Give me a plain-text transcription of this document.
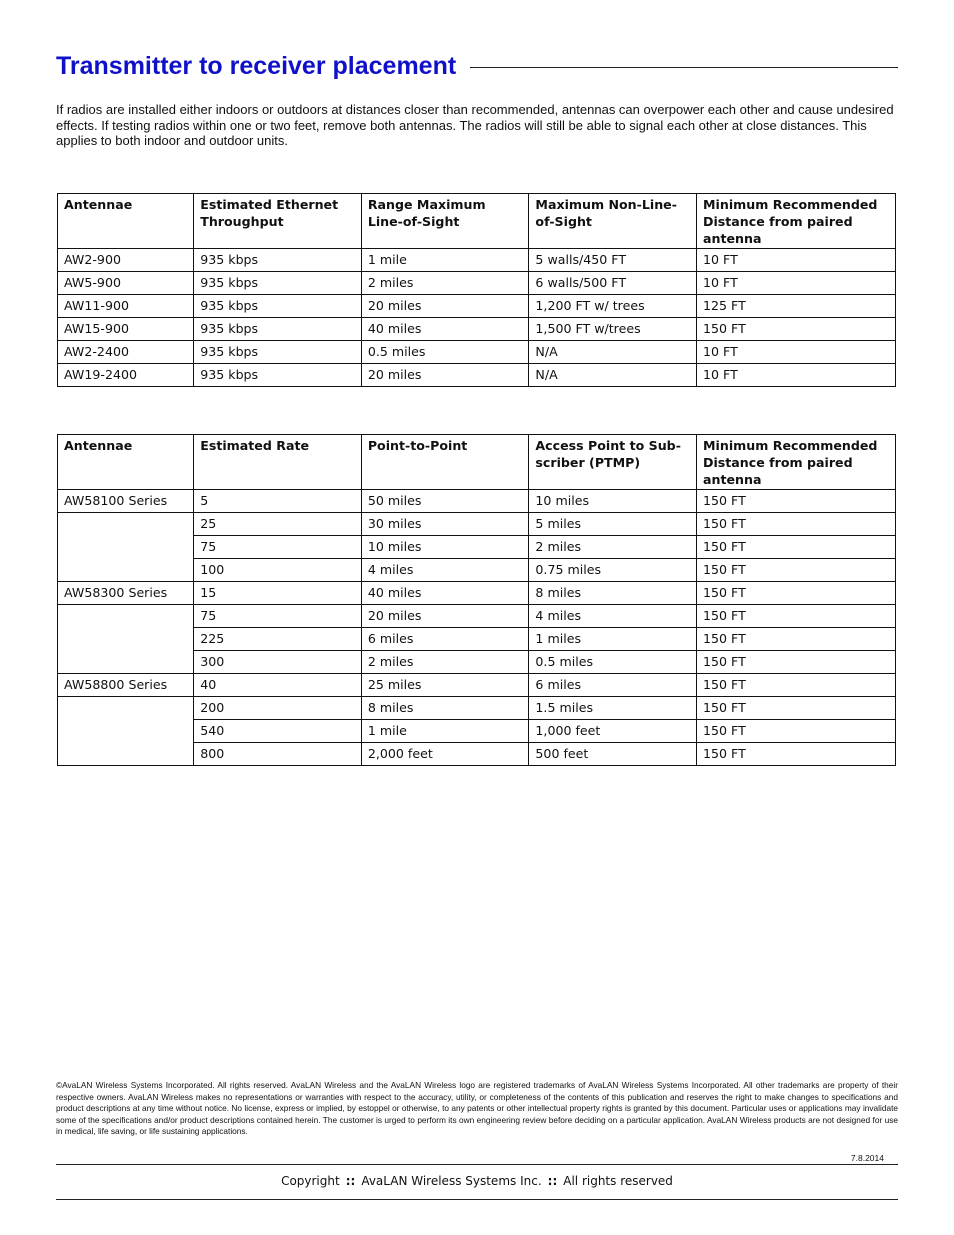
Transmitter to receiver placement

If radios are installed either indoors or outdoors at distances closer than recommended, antennas can overpower each other and cause undesired effects. If testing radios within one or two feet, remove both antennas. The radios will still be able to signal each other at close distances. This applies to both indoor and outdoor units.

Antennae	Estimated Ethernet Throughput	Range Maximum Line-of-Sight	Maximum Non-Line-of-Sight	Minimum Recommended Distance from paired antenna
AW2-900	935 kbps	1 mile	5 walls/450 FT	10 FT
AW5-900	935 kbps	2 miles	6 walls/500 FT	10 FT
AW11-900	935 kbps	20 miles	1,200 FT w/ trees	125 FT
AW15-900	935 kbps	40 miles	1,500 FT w/trees	150 FT
AW2-2400	935 kbps	0.5 miles	N/A	10 FT
AW19-2400	935 kbps	20 miles	N/A	10 FT
Antennae	Estimated Rate	Point-to-Point	Access Point to Sub-scriber (PTMP)	Minimum Recommended Distance from paired antenna
AW58100 Series	5	50 miles	10 miles	150 FT
	25	30 miles	5 miles	150 FT
	75	10 miles	2 miles	150 FT
	100	4 miles	0.75 miles	150 FT
AW58300 Series	15	40 miles	8 miles	150 FT
	75	20 miles	4 miles	150 FT
	225	6 miles	1 miles	150 FT
	300	2 miles	0.5 miles	150 FT
AW58800 Series	40	25 miles	6 miles	150 FT
	200	8 miles	1.5 miles	150 FT
	540	1 mile	1,000 feet	150 FT
	800	2,000 feet	500 feet	150 FT

©AvaLAN Wireless Systems Incorporated. All rights reserved. AvaLAN Wireless and the AvaLAN Wireless logo are registered trademarks of AvaLAN Wireless Systems Incorporated. All other trademarks are property of their respective owners. AvaLAN Wireless makes no representations or warranties with respect to the accuracy, utility, or completeness of the contents of this publication and reserves the right to make changes to specifications and product descriptions at any time without notice. No license, express or implied, by estoppel or otherwise, to any patents or other intellectual property rights is granted by this document. Particular uses or applications may invalidate some of the specifications and/or product descriptions contained herein. The customer is urged to perform its own engineering review before deciding on a particular application. AvaLAN Wireless products are not designed for use in medical, life saving, or life sustaining applications.

7.8.2014
Copyright :: AvaLAN Wireless Systems Inc. :: All rights reserved
